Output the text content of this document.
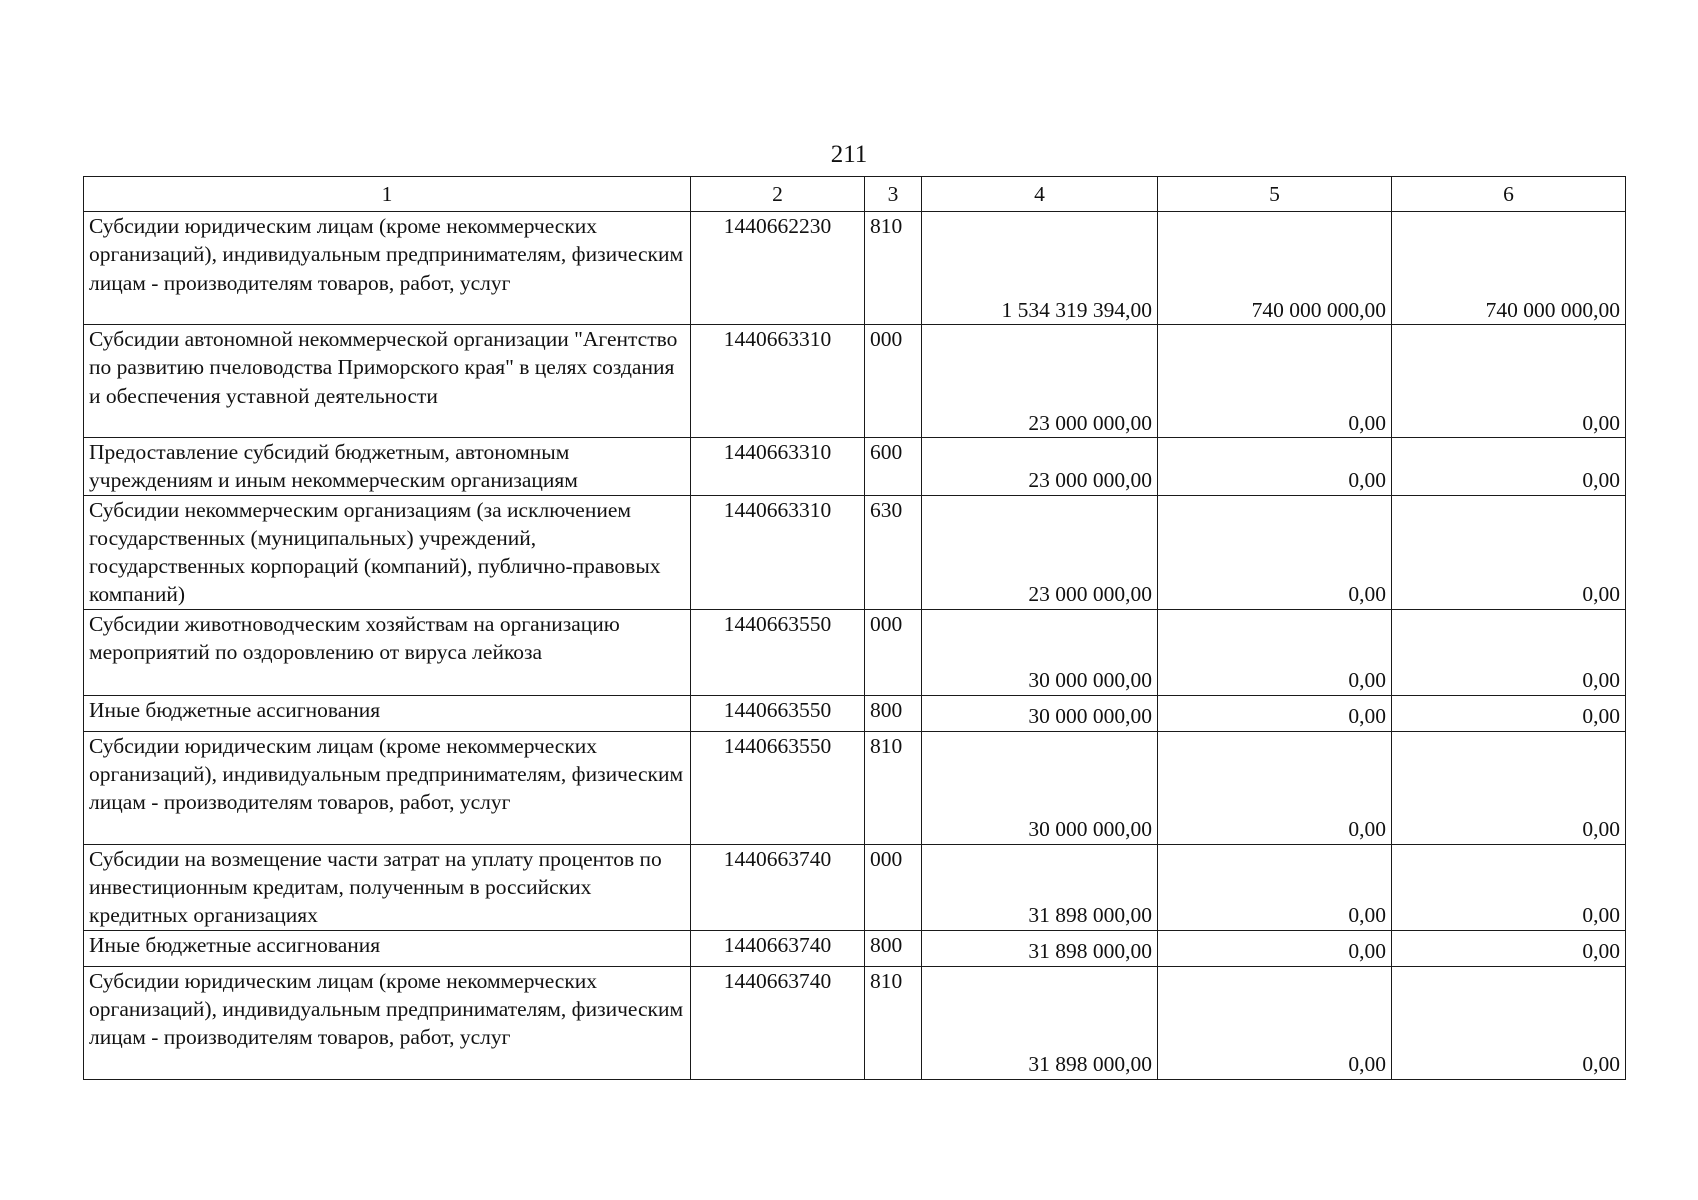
211
1	2	3	4	5	6
Субсидии юридическим лицам (кроме некоммерческих организаций), индивидуальным предпринимателям, физическим лицам - производителям товаров, работ, услуг	1440662230	810	1 534 319 394,00	740 000 000,00	740 000 000,00
Субсидии автономной некоммерческой организации "Агентство по развитию пчеловодства Приморского края" в целях создания и обеспечения уставной деятельности	1440663310	000	23 000 000,00	0,00	0,00
Предоставление субсидий бюджетным, автономным учреждениям и иным некоммерческим организациям	1440663310	600	23 000 000,00	0,00	0,00
Субсидии некоммерческим организациям (за исключением государственных (муниципальных) учреждений, государственных корпораций (компаний), публично-правовых компаний)	1440663310	630	23 000 000,00	0,00	0,00
Субсидии животноводческим хозяйствам на организацию мероприятий по оздоровлению от вируса лейкоза	1440663550	000	30 000 000,00	0,00	0,00
Иные бюджетные ассигнования	1440663550	800	30 000 000,00	0,00	0,00
Субсидии юридическим лицам (кроме некоммерческих организаций), индивидуальным предпринимателям, физическим лицам - производителям товаров, работ, услуг	1440663550	810	30 000 000,00	0,00	0,00
Субсидии на возмещение части затрат на уплату процентов по инвестиционным кредитам, полученным в российских кредитных организациях	1440663740	000	31 898 000,00	0,00	0,00
Иные бюджетные ассигнования	1440663740	800	31 898 000,00	0,00	0,00
Субсидии юридическим лицам (кроме некоммерческих организаций), индивидуальным предпринимателям, физическим лицам - производителям товаров, работ, услуг	1440663740	810	31 898 000,00	0,00	0,00
